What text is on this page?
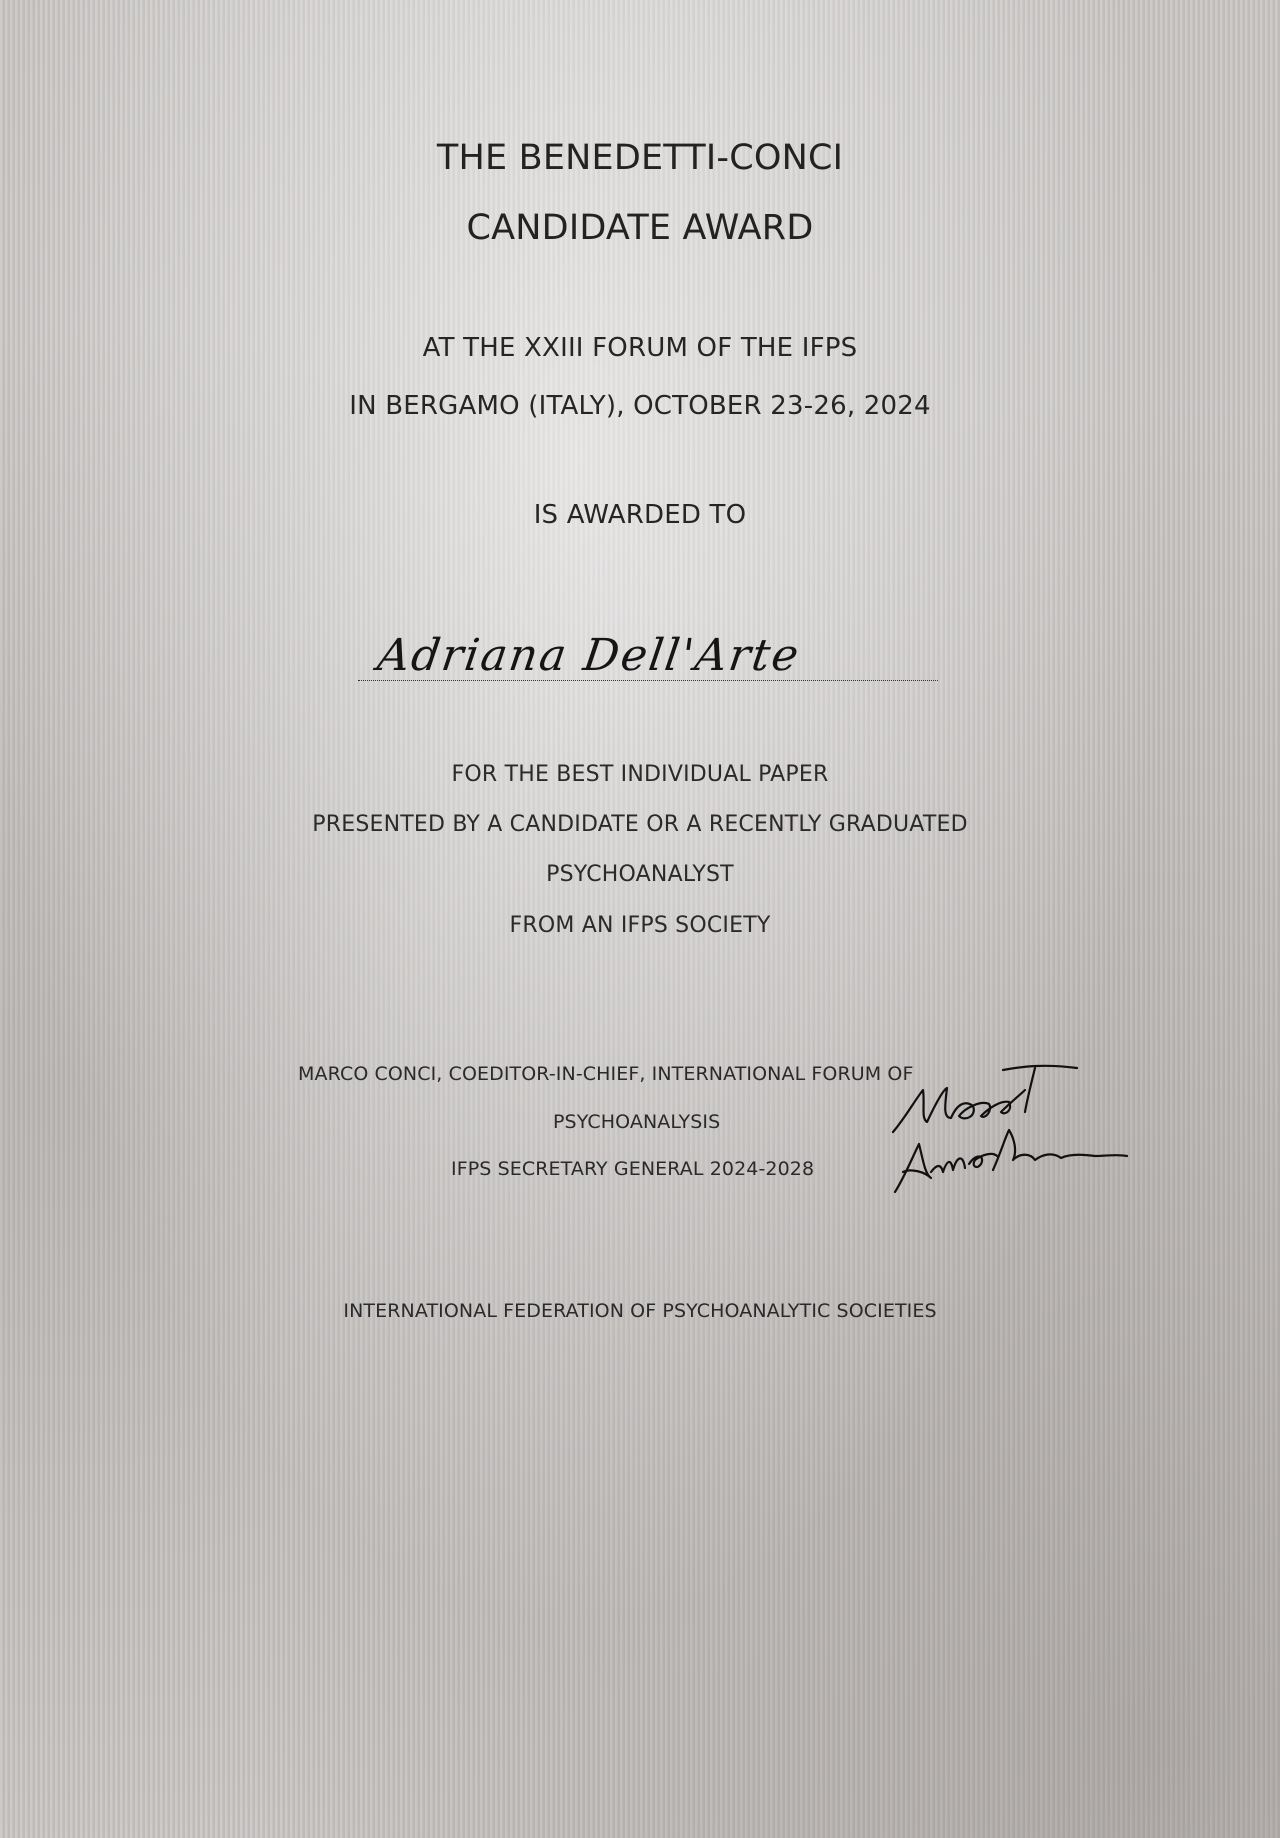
THE BENEDETTI-CONCI
CANDIDATE AWARD
AT THE XXIII FORUM OF THE IFPS
IN BERGAMO (ITALY), OCTOBER 23-26, 2024
IS AWARDED TO
Adriana Dell'Arte
FOR THE BEST INDIVIDUAL PAPER
PRESENTED BY A CANDIDATE OR A RECENTLY GRADUATED
PSYCHOANALYST
FROM AN IFPS SOCIETY
MARCO CONCI, COEDITOR-IN-CHIEF, INTERNATIONAL FORUM OF
PSYCHOANALYSIS
IFPS SECRETARY GENERAL 2024-2028
INTERNATIONAL FEDERATION OF PSYCHOANALYTIC SOCIETIES
